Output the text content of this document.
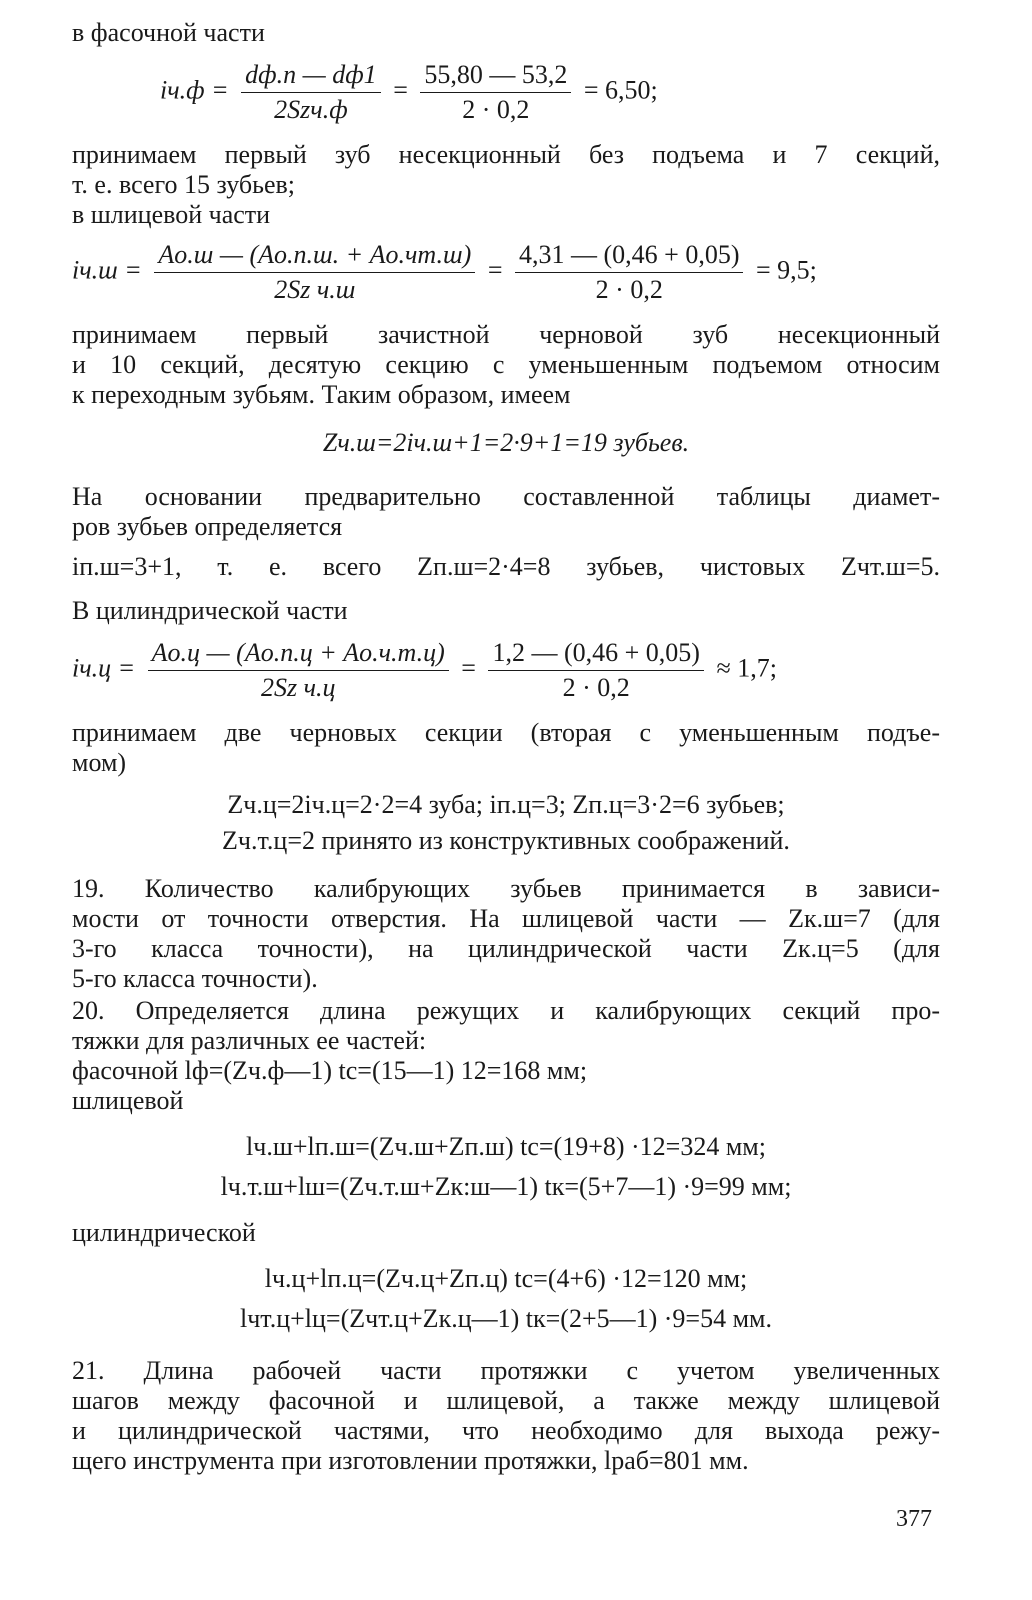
в фасочной части
$iч.ф = \frac{dф.п — dф1}{\text{2Szч.ф}} = \frac{55,80 — 53,2}{2 \cdot 0,2} = 6,50$;
принимаем первый зуб несекционный без подъема и 7 секций,
т. е. всего 15 зубьев;
в шлицевой части
$iч.ш = \frac{Aо.ш — (Aо.п.ш. + Aо.чт.ш)}{\text{2Sz ч.ш}} = \frac{4,31 — (0,46 + 0,05)}{2 \cdot 0,2} = 9,5$;
принимаем первый зачистной черновой зуб несекционный
и 10 секций, десятую секцию с уменьшенным подъемом относим
к переходным зубьям. Таким образом, имеем
Zч.ш=2iч.ш+1=2·9+1=19 зубьев.
На основании предварительно составленной таблицы диамет-
ров зубьев определяется
iп.ш=3+1, т. е. всего Zп.ш=2·4=8 зубьев, чистовых Zчт.ш=5.
В цилиндрической части
$iч.ц = \frac{Aо.ц — (Aо.п.ц + Aо.ч.т.ц)}{\text{2Sz ч.ц}} = \frac{1,2 — (0,46 + 0,05)}{2 \cdot 0,2} \approx 1,7$;
принимаем две черновых секции (вторая с уменьшенным подъе-
мом)
Zч.ц=2iч.ц=2·2=4 зуба; iп.ц=3; Zп.ц=3·2=6 зубьев;
Zч.т.ц=2 принято из конструктивных соображений.
19. Количество калибрующих зубьев принимается в зависи-
мости от точности отверстия. На шлицевой части — Zк.ш=7 (для
3-го класса точности), на цилиндрической части Zк.ц=5 (для
5-го класса точности).
20. Определяется длина режущих и калибрующих секций про-
тяжки для различных ее частей:
фасочной lф=(Zч.ф—1) tc=(15—1) 12=168 мм;
шлицевой
lч.ш+lп.ш=(Zч.ш+Zп.ш) tc=(19+8) ·12=324 мм;
lч.т.ш+lш=(Zч.т.ш+Zк:ш—1) tк=(5+7—1) ·9=99 мм;
цилиндрической
lч.ц+lп.ц=(Zч.ц+Zп.ц) tc=(4+6) ·12=120 мм;
lчт.ц+lц=(Zчт.ц+Zк.ц—1) tк=(2+5—1) ·9=54 мм.
21. Длина рабочей части протяжки с учетом увеличенных
шагов между фасочной и шлицевой, а также между шлицевой
и цилиндрической частями, что необходимо для выхода режу-
щего инструмента при изготовлении протяжки, lраб=801 мм.
377
